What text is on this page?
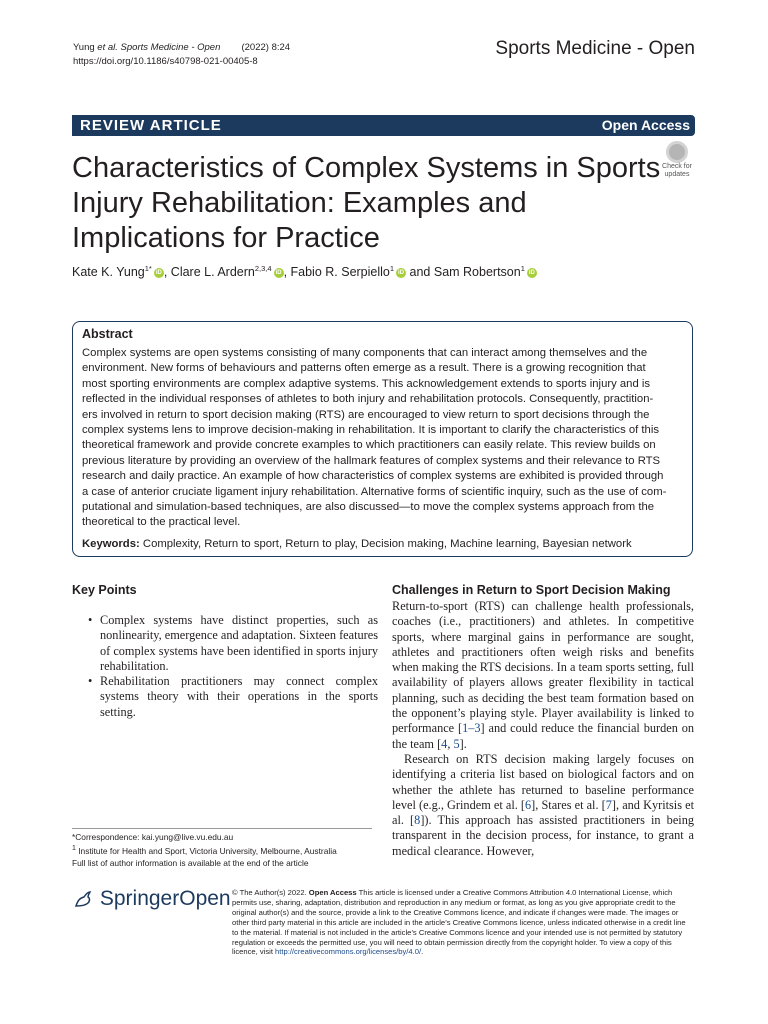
Yung et al. Sports Medicine - Open (2022) 8:24
https://doi.org/10.1186/s40798-021-00405-8
Sports Medicine - Open
REVIEW ARTICLE	Open Access
Characteristics of Complex Systems in Sports Injury Rehabilitation: Examples and Implications for Practice
Check for
updates
Kate K. Yung$^{1*}$ iD , Clare L. Ardern$^{2,3,4}$ iD , Fabio R. Serpiello$^1$ iD and Sam Robertson$^1$ iD
Abstract
Complex systems are open systems consisting of many components that can interact among themselves and the
environment. New forms of behaviours and patterns often emerge as a result. There is a growing recognition that
most sporting environments are complex adaptive systems. This acknowledgement extends to sports injury and is
reflected in the individual responses of athletes to both injury and rehabilitation protocols. Consequently, practition-
ers involved in return to sport decision making (RTS) are encouraged to view return to sport decisions through the
complex systems lens to improve decision-making in rehabilitation. It is important to clarify the characteristics of this
theoretical framework and provide concrete examples to which practitioners can easily relate. This review builds on
previous literature by providing an overview of the hallmark features of complex systems and their relevance to RTS
research and daily practice. An example of how characteristics of complex systems are exhibited is provided through
a case of anterior cruciate ligament injury rehabilitation. Alternative forms of scientific inquiry, such as the use of com-
putational and simulation-based techniques, are also discussed—to move the complex systems approach from the
theoretical to the practical level.
Keywords: Complexity, Return to sport, Return to play, Decision making, Machine learning, Bayesian network
Key Points
• Complex systems have distinct properties, such as nonlinearity, emergence and adaptation. Sixteen features of complex systems have been identified in sports injury rehabilitation.
• Rehabilitation practitioners may connect complex systems theory with their operations in the sports setting.
Challenges in Return to Sport Decision Making

Return-to-sport (RTS) can challenge health professionals, coaches (i.e., practitioners) and athletes. In competitive sports, where marginal gains in performance are sought, athletes and practitioners often weigh risks and benefits when making the RTS decisions. In a team sports setting, full availability of players allows greater flexibility in tactical planning, such as deciding the best team formation based on the opponent’s playing style. Player availability is linked to performance [1–3] and could reduce the financial burden on the team [4, 5].

Research on RTS decision making largely focuses on identifying a criteria list based on biological factors and on whether the athlete has returned to baseline performance level (e.g., Grindem et al. [6], Stares et al. [7], and Kyritsis et al. [8]). This approach has assisted practitioners in being transparent in the decision process, for instance, to grant a medical clearance. However,

*Correspondence: kai.yung@live.vu.edu.au
$^1$ Institute for Health and Sport, Victoria University, Melbourne, Australia
Full list of author information is available at the end of the article
SpringerOpen © The Author(s) 2022. Open Access This article is licensed under a Creative Commons Attribution 4.0 International License, which permits use, sharing, adaptation, distribution and reproduction in any medium or format, as long as you give appropriate credit to the original author(s) and the source, provide a link to the Creative Commons licence, and indicate if changes were made. The images or other third party material in this article are included in the article’s Creative Commons licence, unless indicated otherwise in a credit line to the material. If material is not included in the article’s Creative Commons licence and your intended use is not permitted by statutory regulation or exceeds the permitted use, you will need to obtain permission directly from the copyright holder. To view a copy of this licence, visit http://creativecommons.org/licenses/by/4.0/.
